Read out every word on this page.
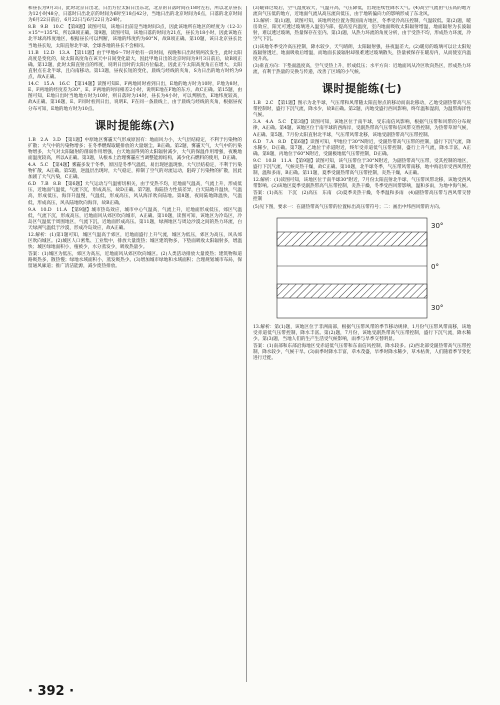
和昼长为9月3日，此时北京日出北，日出方位太阳日出东北，北京的日落时间在18时左右，所以北京昼长为12小时48分，日落时日出北京的时间为6时至18点42分，当地日出的北京时间为6点，日落的北京时间为6月22日前后，6月22日与6月22日为24时。

8.B　9.B　10.C　【第8题】读图可知，该地日出前是当地时间3点，因此该地所在地区的经度为（12-3）×15°=135°E，所以B项正确。第9题，读图可知，该地日落的时间为21点，昼长为18小时，因此该地在北半球高纬度地区，根据昼长可以判断，该地的纬度约为60°N，故B项正确。第10题，该日北京昼长比当地昼长短，太阳直射北半球，全球各地的昼长不会相同。

11.B　12.D　13.A　【第11题】由于甲地6～7时开始有一段时间，夜晚和日出时刻两次发生，此时太阳高度是变化的，故太阳高度角在该天中日间变化最大，因此甲地日出的北京时间为9月3日前后，故B项正确。第12题，此时太阳直射点的纬度，说明日出时的太阳方位偏北，因此正午太阳高度角正在增大，太阳直射点在北半球，且向南移动。第13题，昼夜长短的变化，晨线与经线的夹角，S为日出的地方时约为9点，故A正确。

14.C　15.A　16.C　【第14题】读图可知E、F两地同时看到日出，E地的地方时为10时，F地为8时，E、F两地的经度差为30°，E、F两地的时间相差2小时，说明E地在F地的东方，故C正确。第15题，由图可知，E地日出时当地地方时为10时，则日落时为14时，昼长为4小时，可以判断出，E地纬度较高，故A正确。第16题，E、F同时看到日出，说明E、F在同一条晨线上，由于晨线与经线的夹角，根据昼夜分布可知，E地的地方时为10点。

课时提能练(六)

1.B　2.A　3.D　【第1题】中原地区雾霾天气形成原因有：地面风力小，大气层结稳定，不利于污染物的扩散；大气中的污染物增多；在冬季燃煤取暖排放的大量烟尘。B正确。第2题，雾霾天气，大气中的污染物增多，大气对太阳辐射的削弱作用增强，白天地面得到的太阳辐射减少，大气的保温作用增强，夜晚地面温度较高，所以A正确。第3题，从根本上治理雾霾应当调整能源结构，减少化石燃料的使用，D正确。

4.A　5.C　【第4题】雾霾多发于冬季，原因是冬季气温低，易出现逆温现象，大气层结稳定，不利于污染物扩散，A正确。第5题，逆温层出现时，大气稳定，抑制了空气的对流运动，阻碍了污染物的扩散，因此加剧了大气污染，C正确。

6.D　7.B　8.B　【第6题】大气运动与气温密切相关，由于受热不均，近地面气温高，气流上升，形成低压，近地面气温低，气流下沉，形成高压，故D正确。第7题，海陆热力性质差异，白天陆地升温快，气温高，形成低压，海洋升温慢，气温低，形成高压，风从海洋吹向陆地。第8题，夜间陆地降温快，气温低，形成高压，风从陆地吹向海洋，故B正确。

9.A　10.D　11.A　【第9题】城市热岛效应，城市中心气温高，气流上升，近地面形成低压，郊区气温低，气流下沉，形成高压，近地面风从郊区吹向城市，A正确。第10题，读图可知，该地区为冷岛区，冷岛区气温低于周围地区，气流下沉，近地面形成高压。第11题，绿洲地区与周边沙漠之间的热力环流，白天绿洲气温低于沙漠，形成冷岛效应，故A正确。

12.解析：(1)第1题可知，城区气温高于郊区，近地面盛行上升气流，城区为低压，郊区为高压，风从郊区吹向城区。(2)城区人口密集、工业集中，排放大量废热；城区建筑物多，下垫面吸收太阳辐射多，增温快；城区绿地面积小，植被少，水分蒸发少，吸收热量少。

答案：(1)城区为低压，郊区为高压，近地面风从郊区吹向城区。(2)人类活动排放大量废热；建筑物和道路吸热多，散热慢；绿地水域面积小，蒸发吸热少。(3)增加城市绿地和水域面积；合理规划城市布局，保留通风廊道；推广清洁能源，减少废热排放。

(3)暖锋过境后，空气湿度较大，气温升高，气压降低，出现连续性降水天气。(4)高空气流由气压高的地方流向气压低的地方，近地面气流从高压流向低压，由于地转偏向力的影响形成了东北风。

13.解析：第(1)题，读图可知，该地所处位置为我国南方地区，冬季受冷高压控制，气温较低。第(2)题，暖房效应，阳光可透过玻璃进入温室内部，提高室内温度，室内地面吸收太阳辐射增温，地面辐射为长波辐射，难以透过玻璃，热量保存在室内。第(3)题，从热力环流的角度分析，由于受热不均，形成热力环流，冷空气下沉。

(1)该地冬季受冷高压控制，降水较少，天气晴朗，太阳辐射强，昼夜温差大。(2)暖房的玻璃可以让太阳短波辐射透过，地面吸收后增温，而地面长波辐射却很难透过玻璃散失，热量被保存在暖房内，从而使室内温度升高。

(3)垂直方向：下垫面温度高，空气受热上升，形成低压；水平方向：近地面风从冷区吹向热区，形成热力环流，有利于热量的交换与传递，改善了区域的小气候。

课时提能练(七)

1.B　2.C　【第1题】图示为北半球，气压带和风带随太阳直射点的移动而南北移动，乙地受副热带高气压带控制时，盛行下沉气流，降水少，故B正确。第2题，丙地受盛行西风影响，终年温和湿润，为温带海洋性气候。

3.A　4.A　5.C　【第3题】读图可知，该地区位于南半球，受东南信风影响，根据气压带和风带的分布规律，A正确。第4题，该地区位于南半球的西海岸，受副热带高气压带和信风带交替控制，为热带草原气候，A正确。第5题，7月份太阳直射北半球，气压带风带北移，该地受副热带高气压带控制。

6.D　7.A　8.D　【第6题】读图可知，甲地位于30°N附近，受副热带高气压带的控制，盛行下沉气流，降水稀少，D正确。第7题，乙地位于赤道附近，终年受赤道低气压带控制，盛行上升气流，降水丰富，A正确。第8题，丙地位于60°N附近，受副极地低气压带控制，D正确。

9.C　10.B　11.A　【第9题】读图可知，该气压带位于30°N附近，为副热带高气压带，受其控制的地区，盛行下沉气流，气候炎热干燥，故C正确。第10题，北半球冬季，气压带风带南移，地中海沿岸受西风带控制，温和多雨，B正确。第11题，夏季受副热带高气压带控制，炎热干燥，A正确。

12.解析：(1)读图可知，该地区位于南半球30°附近，7月份太阳直射北半球，气压带风带北移，该地受西风带影响。(2)该地区夏季受副热带高气压带控制，炎热干燥，冬季受西风带影响，温和多雨，为地中海气候。

答案：(1)高压　下沉　(2)高压　东南　(3)夏季炎热干燥，冬季温和多雨　(4)副热带高压带与西风带交替控制

(5)见下图，要求一：在副热带高气压带的位置标出高压带符号；二：画出中纬西风带的方向。

30°
0°
30°

13.解析：第(1)题，该地区位于非洲南部，根据气压带风带的季节移动规律，1月份气压带风带南移，该地受赤道低气压带控制，降水丰富。第(2)题，7月份，该地受副热带高气压带控制，盛行下沉气流，降水稀少。第(3)题，当地人们的生产生活受气候影响，雨季与旱季交替明显。

答案：(1)南部和东部沿海地区受赤道低气压带和东南信风控制，降水较多。(2)西北部受副热带高气压带控制，降水较少，气候干旱。(3)雨季时降水丰富，草木茂盛，旱季时降水稀少，草木枯黄，人们随着季节变化进行迁徙。

· 392 ·
